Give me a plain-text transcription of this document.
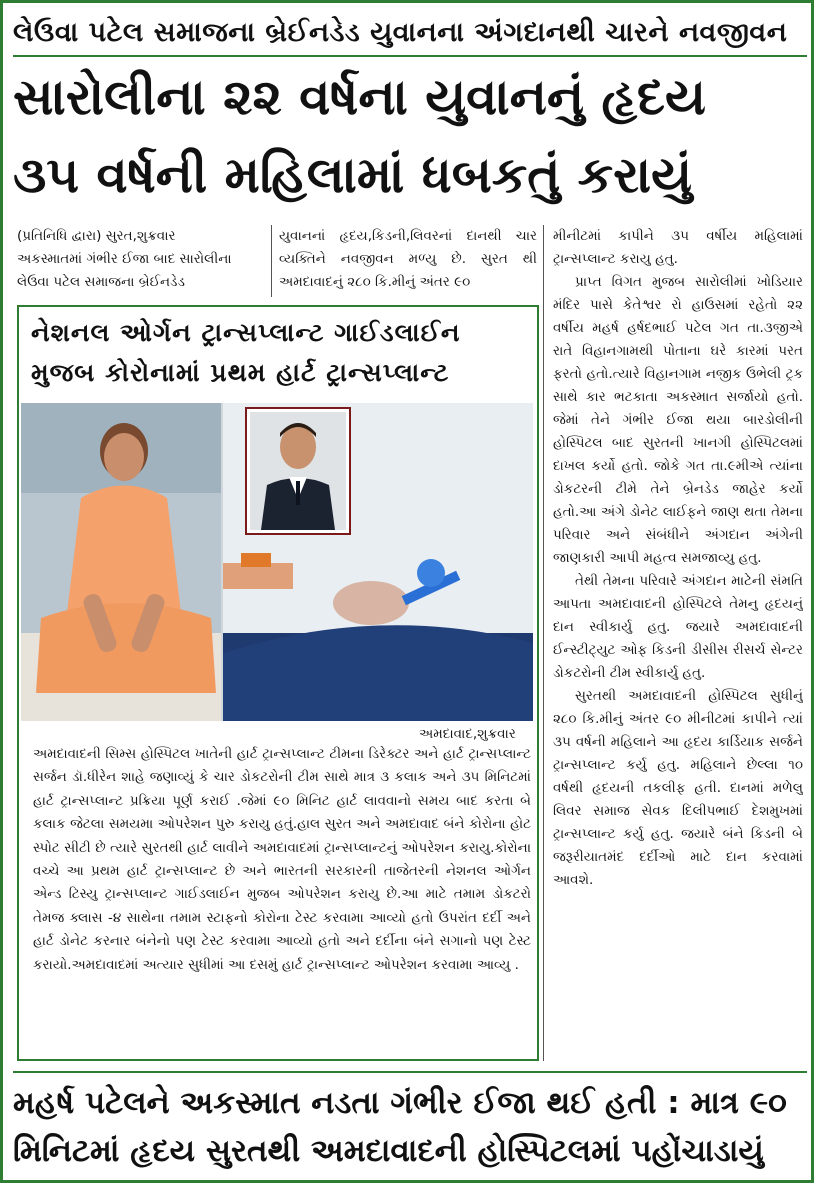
લેઉવા પટેલ સમાજના બ્રેઈનડેડ યુવાનના અંગદાનથી ચારને નવજીવન
સારોલીના ૨૨ વર્ષના યુવાનનું હૃદય
૩૫ વર્ષની મહિલામાં ધબકતું કરાયું

(પ્રતિનિધિ દ્વારા) સુરત,શુક્રવાર

અકસ્માતમાં ગંભીર ઈજા બાદ સારોલીના લેઉવા પટેલ સમાજના બ્રેઈનડેડ

યુવાનનાં હૃદય,કિડની,લિવરનાં દાનથી ચાર વ્યક્તિને નવજીવન મળ્યુ છે. સુરત થી અમદાવાદનું ૨૮૦ કિ.મીનું અંતર ૯૦

મીનીટમાં કાપીને ૩૫ વર્ષીય મહિલામાં ટ્રાન્સપ્લાન્ટ કરાયુ હતુ.

પ્રાપ્ત વિગત મુજબ સારોલીમાં ખોડિયાર મંદિર પાસે કેતેશ્વર રો હાઉસમાં રહેતો ૨૨ વર્ષીય મહર્ષ હર્ષદભાઈ પટેલ ગત તા.૩જીએ રાતે વિહાનગામથી પોતાના ઘરે કારમાં પરત ફરતો હતો.ત્યારે વિહાનગામ નજીક ઉભેલી ટ્રક સાથે કાર ભટકાતા અકસ્માત સર્જાયો હતો. જેમાં તેને ગંભીર ઈજા થયા બારડોલીની હોસ્પિટલ બાદ સુરતની ખાનગી હોસ્પિટલમાં દાખલ કર્યો હતો. જોકે ગત તા.૯મીએ ત્યાંના ડોકટરની ટીમે તેને બ્રેનડેડ જાહેર કર્યો હતો.આ અંગે ડોનેટ લાઈફને જાણ થતા તેમના પરિવાર અને સંબંધીને અંગદાન અંગેની જાણકારી આપી મહત્વ સમજાવ્યુ હતુ.

તેથી તેમના પરિવારે અંગદાન માટેની સંમતિ આપતા અમદાવાદની હોસ્પિટલે તેમનુ હૃદયનું દાન સ્વીકાર્યુ હતુ. જયારે અમદાવાદની ઈન્સ્ટીટ્યુટ ઓફ કિડની ડીસીસ રીસર્ચ સેન્ટર ડોકટરોની ટીમ સ્વીકાર્યુ હતુ.

સુરતથી અમદાવાદની હોસ્પિટલ સુધીનું ૨૮૦ કિ.મીનું અંતર ૯૦ મીનીટમાં કાપીને ત્યાં ૩૫ વર્ષની મહિલાને આ હૃદય કાર્ડિયાક સર્જને ટ્રાન્સપ્લાન્ટ કર્યુ હતુ. મહિલાને છેલ્લા ૧૦ વર્ષથી હૃદયની તકલીફ હતી. દાનમાં મળેલુ લિવર સમાજ સેવક દિલીપભાઈ દેશમુખમાં ટ્રાન્સપ્લાન્ટ કર્યુ હતુ. જયારે બંને કિડની બે જરૂરીયાતમંદ દર્દીઓ માટે દાન કરવામાં આવશે.

નેશનલ ઓર્ગન ટ્રાન્સપ્લાન્ટ ગાઈડલાઈન
મુજબ કોરોનામાં પ્રથમ હાર્ટ ટ્રાન્સપ્લાન્ટ
અમદાવાદ,શુક્રવાર
અમદાવાદની સિમ્સ હોસ્પિટલ ખાતેની હાર્ટ ટ્રાન્સપ્લાન્ટ ટીમના ડિરેક્ટર અને હાર્ટ ટ્રાન્સપ્લાન્ટ સર્જન ડૉ.ધીરેન શાહે જણાવ્યું કે ચાર ડોકટરોની ટીમ સાથે માત્ર ૩ કલાક અને ૩૫ મિનિટમાં હાર્ટ ટ્રાન્સપ્લાન્ટ પ્રક્રિયા પૂર્ણ કરાઈ .જેમાં ૯૦ મિનિટ હાર્ટ લાવવાનો સમય બાદ કરતા બે કલાક જેટલા સમયમા ઓપરેશન પુરુ કરાયુ હતું.હાલ સુરત અને અમદાવાદ બંને કોરોના હોટ સ્પોટ સીટી છે ત્યારે સુરતથી હાર્ટ લાવીને અમદાવાદમાં ટ્રાન્સપ્લાન્ટનું ઓપરેશન કરાયુ.કોરોના વચ્ચે આ પ્રથમ હાર્ટ ટ્રાન્સપ્લાન્ટ છે અને ભારતની સરકારની તાજેતરની નેશનલ ઓર્ગન એન્ડ ટિસ્યુ ટ્રાન્સપ્લાન્ટ ગાઈડલાઈન મુજબ ઓપરેશન કરાયુ છે.આ માટે તમામ ડોકટરો તેમજ ક્લાસ -૪ સાથેના તમામ સ્ટાફનો કોરોના ટેસ્ટ કરવામા આવ્યો હતો ઉપરાંત દર્દી અને હાર્ટ ડોનેટ કરનાર બંનેનો પણ ટેસ્ટ કરવામા આવ્યો હતો અને દર્દીના બંને સગાનો પણ ટેસ્ટ કરાયો.અમદાવાદમાં અત્યાર સુધીમાં આ દસમું હાર્ટ ટ્રાન્સપ્લાન્ટ ઓપરેશન કરવામા આવ્યુ .
મહર્ષ પટેલને અકસ્માત નડતા ગંભીર ઈજા થઈ હતી : માત્ર ૯૦
મિનિટમાં હૃદય સુરતથી અમદાવાદની હોસ્પિટલમાં પહોંચાડાયું
